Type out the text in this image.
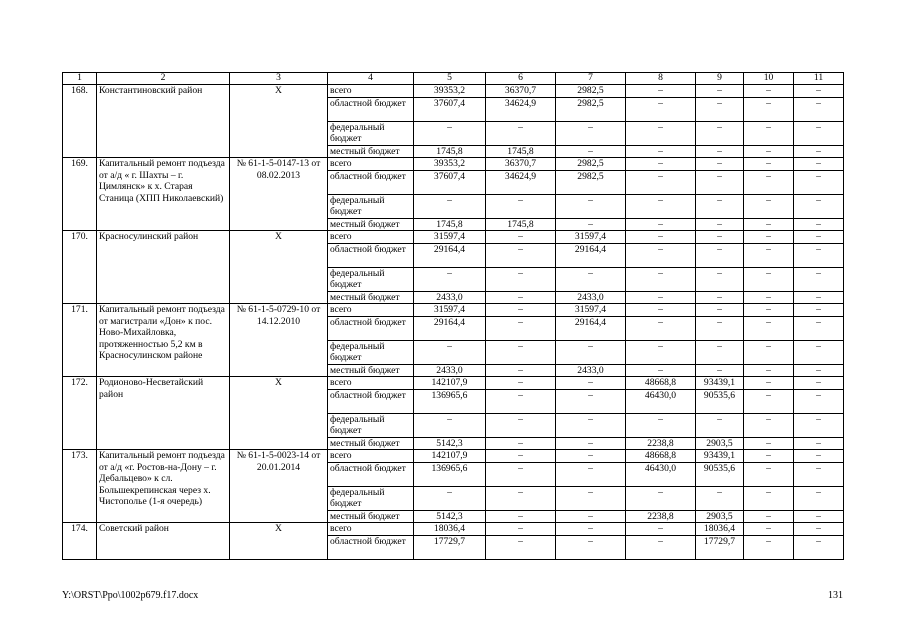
1	2	3	4	5	6	7	8	9	10	11
168.	Константиновский район	Х	всего	39353,2	36370,7	2982,5	–	–	–	–
			областной бюджет	37607,4	34624,9	2982,5	–	–	–	–
			федеральный бюджет	–	–	–	–	–	–	–
			местный бюджет	1745,8	1745,8	–	–	–	–	–
169.	Капитальный ремонт подъезда от а/д « г. Шахты – г. Цимлянск» к х. Старая Станица (ХПП Николаевский)	№ 61-1-5-0147-13 от 08.02.2013	всего	39353,2	36370,7	2982,5	–	–	–	–
			областной бюджет	37607,4	34624,9	2982,5	–	–	–	–
			федеральный бюджет	–	–	–	–	–	–	–
			местный бюджет	1745,8	1745,8	–	–	–	–	–
170.	Красносулинский район	Х	всего	31597,4	–	31597,4	–	–	–	–
			областной бюджет	29164,4	–	29164,4	–	–	–	–
			федеральный бюджет	–	–	–	–	–	–	–
			местный бюджет	2433,0	–	2433,0	–	–	–	–
171.	Капитальный ремонт подъезда от магистрали «Дон» к пос. Ново-Михайловка, протяженностью 5,2 км в Красносулинском районе	№ 61-1-5-0729-10 от 14.12.2010	всего	31597,4	–	31597,4	–	–	–	–
			областной бюджет	29164,4	–	29164,4	–	–	–	–
			федеральный бюджет	–	–	–	–	–	–	–
			местный бюджет	2433,0	–	2433,0	–	–	–	–
172.	Родионово-Несветайский район	Х	всего	142107,9	–	–	48668,8	93439,1	–	–
			областной бюджет	136965,6	–	–	46430,0	90535,6	–	–
			федеральный бюджет	–	–	–	–	–	–	–
			местный бюджет	5142,3	–	–	2238,8	2903,5	–	–
173.	Капитальный ремонт подъезда от а/д «г. Ростов-на-Дону – г. Дебальцево» к сл. Большекрепинская через х. Чистополье (1-я очередь)	№ 61-1-5-0023-14 от 20.01.2014	всего	142107,9	–	–	48668,8	93439,1	–	–
			областной бюджет	136965,6	–	–	46430,0	90535,6	–	–
			федеральный бюджет	–	–	–	–	–	–	–
			местный бюджет	5142,3	–	–	2238,8	2903,5	–	–
174.	Советский район	Х	всего	18036,4	–	–	–	18036,4	–	–
			областной бюджет	17729,7	–	–	–	17729,7	–	–
Y:\ORST\Ppo\1002p679.f17.docx	131
